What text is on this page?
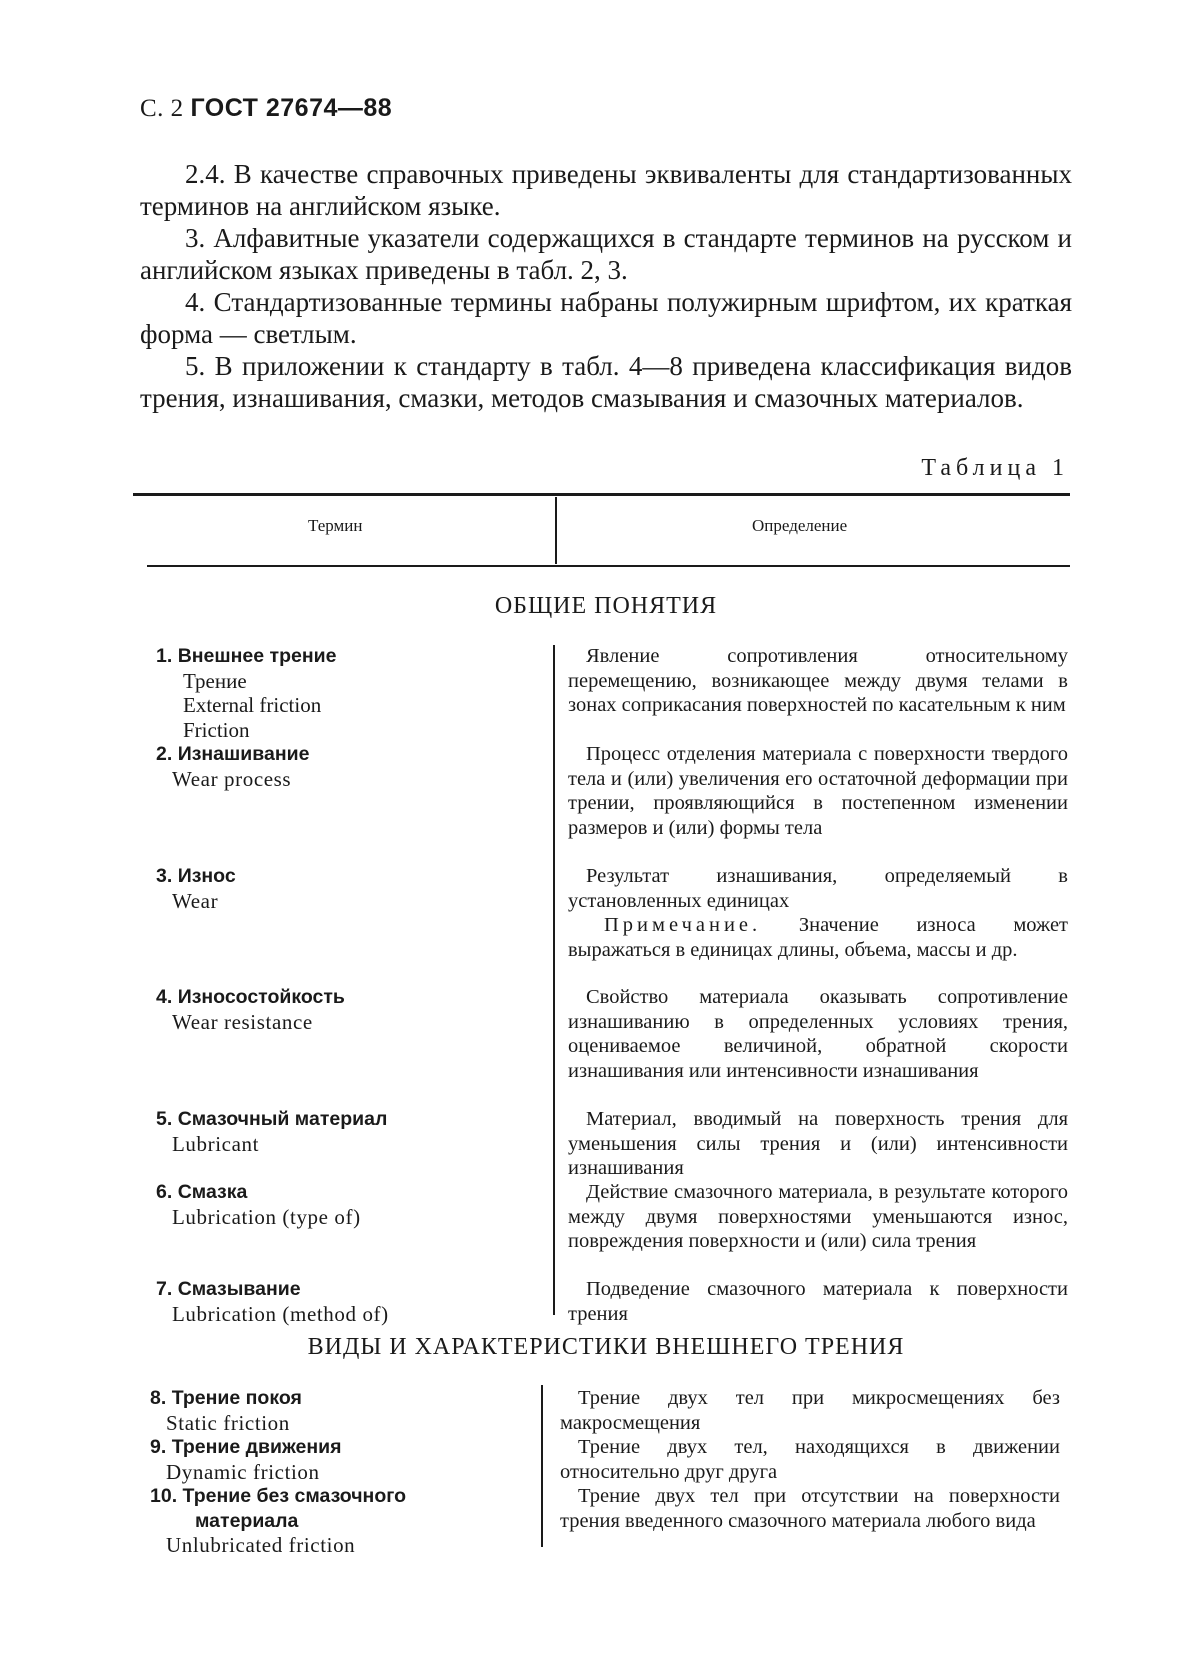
С. 2 ГОСТ 27674—88

2.4. В качестве справочных приведены эквиваленты для стандартизованных терминов на английском языке.

3. Алфавитные указатели содержащихся в стандарте терминов на русском и английском языках приведены в табл. 2, 3.

4. Стандартизованные термины набраны полужирным шрифтом, их краткая форма — светлым.

5. В приложении к стандарту в табл. 4—8 приведена классификация видов трения, изнашивания, смазки, методов смазывания и смазочных материалов.

Таблица 1
Термин	Определение
ОБЩИЕ ПОНЯТИЯ
1. Внешнее трение
Трение
External friction
Friction

Явление сопротивления относительному перемещению, возникающее между двумя телами в зонах соприкасания поверхностей по касательным к ним

2. Изнашивание
Wear process

Процесс отделения материала с поверхности твердого тела и (или) увеличения его остаточной деформации при трении, проявляющийся в постепенном изменении размеров и (или) формы тела

3. Износ
Wear

Результат изнашивания, определяемый в установленных единицах

Примечание. Значение износа может выражаться в единицах длины, объема, массы и др.

4. Износостойкость
Wear resistance

Свойство материала оказывать сопротивление изнашиванию в определенных условиях трения, оцениваемое величиной, обратной скорости изнашивания или интенсивности изнашивания

5. Смазочный материал
Lubricant

Материал, вводимый на поверхность трения для уменьшения силы трения и (или) интенсивности изнашивания

6. Смазка
Lubrication (type of)

Действие смазочного материала, в результате которого между двумя поверхностями уменьшаются износ, повреждения поверхности и (или) сила трения

7. Смазывание
Lubrication (method of)

Подведение смазочного материала к поверхности трения

ВИДЫ И ХАРАКТЕРИСТИКИ ВНЕШНЕГО ТРЕНИЯ
8. Трение покоя
Static friction

Трение двух тел при микросмещениях без макросмещения

9. Трение движения
Dynamic friction

Трение двух тел, находящихся в движении относительно друг друга

10. Трение без смазочного
материала
Unlubricated friction

Трение двух тел при отсутствии на поверхности трения введенного смазочного материала любого вида
